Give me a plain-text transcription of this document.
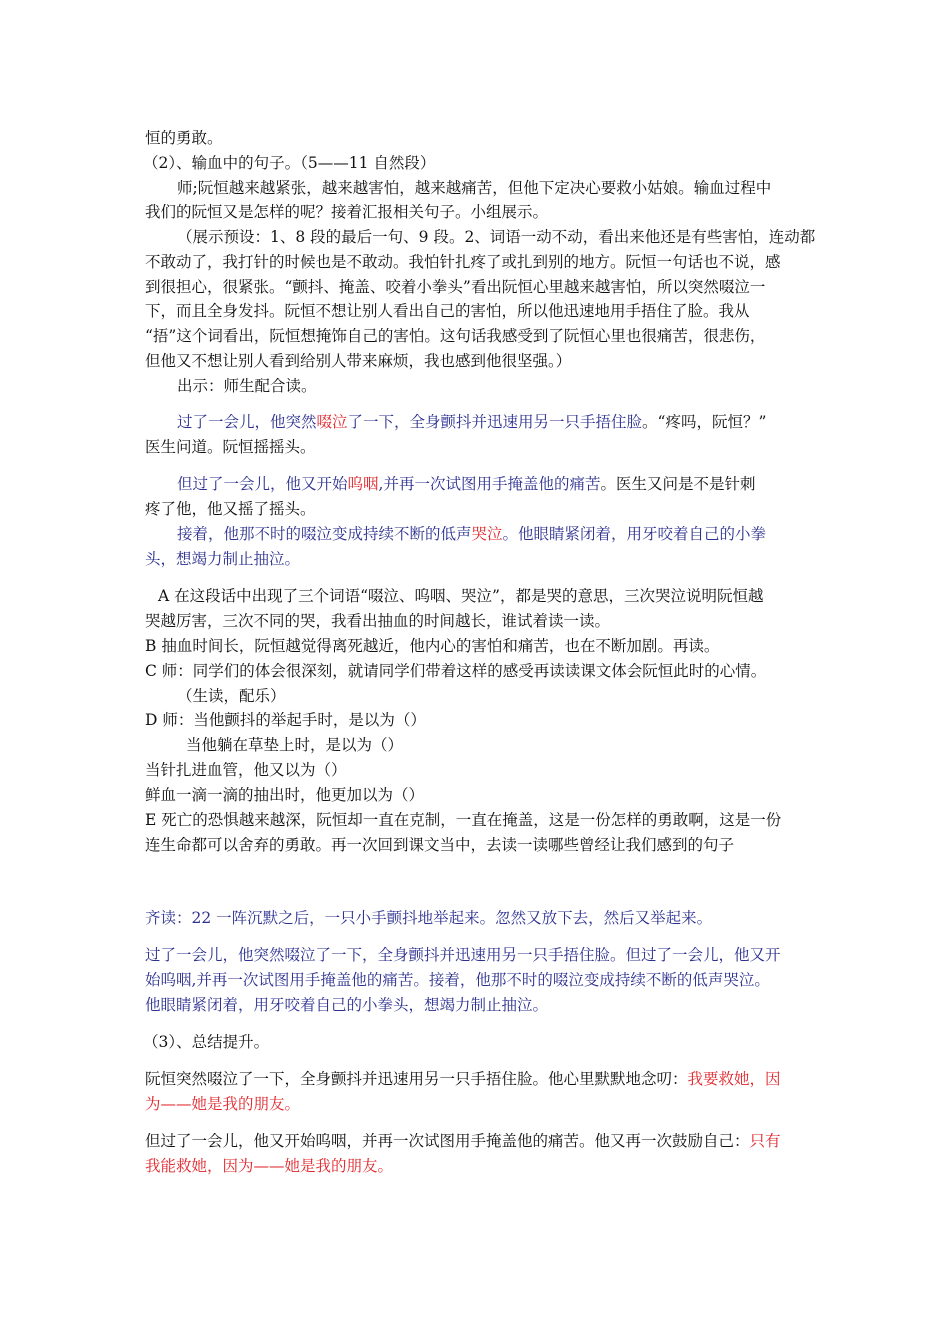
恒的勇敢。
（2）、输血中的句子。（5——11 自然段）
师;阮恒越来越紧张，越来越害怕，越来越痛苦，但他下定决心要救小姑娘。输血过程中
我们的阮恒又是怎样的呢？接着汇报相关句子。小组展示。
（展示预设：1、8 段的最后一句、9 段。2、词语一动不动，看出来他还是有些害怕，连动都
不敢动了，我打针的时候也是不敢动。我怕针扎疼了或扎到别的地方。阮恒一句话也不说，感
到很担心，很紧张。“颤抖、掩盖、咬着小拳头”看出阮恒心里越来越害怕，所以突然啜泣一
下，而且全身发抖。阮恒不想让别人看出自己的害怕，所以他迅速地用手捂住了脸。我从
“捂”这个词看出，阮恒想掩饰自己的害怕。这句话我感受到了阮恒心里也很痛苦，很悲伤，
但他又不想让别人看到给别人带来麻烦，我也感到他很坚强。）
出示：师生配合读。
过了一会儿，他突然啜泣了一下，全身颤抖并迅速用另一只手捂住脸。“疼吗，阮恒？”
医生问道。阮恒摇摇头。
但过了一会儿，他又开始呜咽,并再一次试图用手掩盖他的痛苦。医生又问是不是针刺
疼了他，他又摇了摇头。
接着，他那不时的啜泣变成持续不断的低声哭泣。他眼睛紧闭着，用牙咬着自己的小拳
头，想竭力制止抽泣。
A 在这段话中出现了三个词语“啜泣、呜咽、哭泣”，都是哭的意思，三次哭泣说明阮恒越
哭越厉害，三次不同的哭，我看出抽血的时间越长，谁试着读一读。
B 抽血时间长，阮恒越觉得离死越近，他内心的害怕和痛苦，也在不断加剧。再读。
C 师：同学们的体会很深刻，就请同学们带着这样的感受再读读课文体会阮恒此时的心情。
（生读，配乐）
D 师：当他颤抖的举起手时，是以为（）
当他躺在草垫上时，是以为（）
当针扎进血管，他又以为（）
鲜血一滴一滴的抽出时，他更加以为（）
E 死亡的恐惧越来越深，阮恒却一直在克制，一直在掩盖，这是一份怎样的勇敢啊，这是一份
连生命都可以舍弃的勇敢。再一次回到课文当中，去读一读哪些曾经让我们感到的句子
齐读：22 一阵沉默之后，一只小手颤抖地举起来。忽然又放下去，然后又举起来。
过了一会儿，他突然啜泣了一下，全身颤抖并迅速用另一只手捂住脸。但过了一会儿，他又开
始呜咽,并再一次试图用手掩盖他的痛苦。接着，他那不时的啜泣变成持续不断的低声哭泣。
他眼睛紧闭着，用牙咬着自己的小拳头，想竭力制止抽泣。
（3）、总结提升。
阮恒突然啜泣了一下，全身颤抖并迅速用另一只手捂住脸。他心里默默地念叨：我要救她，因
为——她是我的朋友。
但过了一会儿，他又开始呜咽，并再一次试图用手掩盖他的痛苦。他又再一次鼓励自己：只有
我能救她，因为——她是我的朋友。
